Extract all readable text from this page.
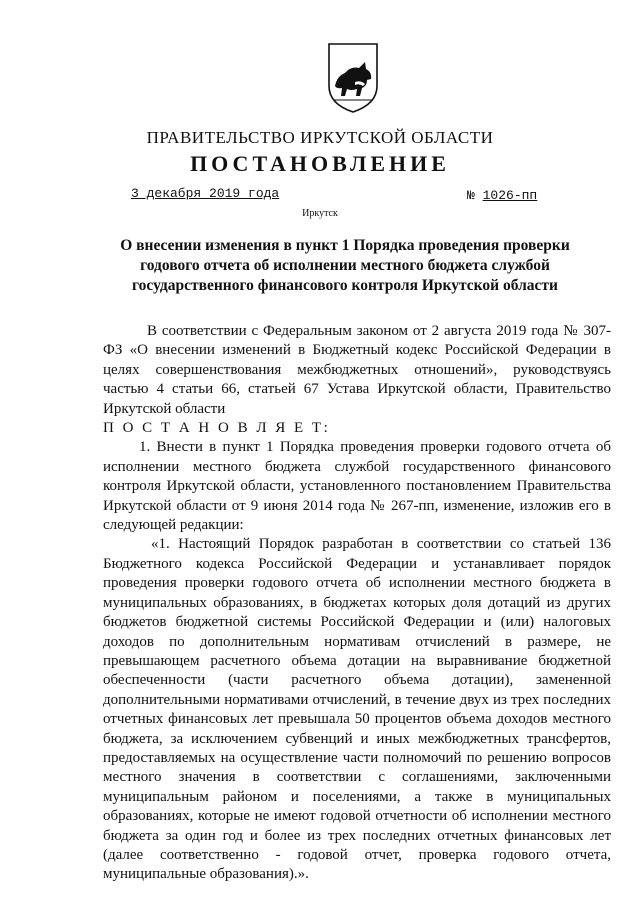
ПРАВИТЕЛЬСТВО ИРКУТСКОЙ ОБЛАСТИ
ПОСТАНОВЛЕНИЕ
3 декабря 2019 года	№ 1026-пп
Иркутск
О внесении изменения в пункт 1 Порядка проведения проверки годового отчета об исполнении местного бюджета службой государственного финансового контроля Иркутской области

В соответствии с Федеральным законом от 2 августа 2019 года № 307-ФЗ «О внесении изменений в Бюджетный кодекс Российской Федерации в целях совершенствования межбюджетных отношений», руководствуясь частью 4 статьи 66, статьей 67 Устава Иркутской области, Правительство Иркутской области

П О С Т А Н О В Л Я Е Т:

1. Внести в пункт 1 Порядка проведения проверки годового отчета об исполнении местного бюджета службой государственного финансового контроля Иркутской области, установленного постановлением Правительства Иркутской области от 9 июня 2014 года № 267-пп, изменение, изложив его в следующей редакции:

«1. Настоящий Порядок разработан в соответствии со статьей 136 Бюджетного кодекса Российской Федерации и устанавливает порядок проведения проверки годового отчета об исполнении местного бюджета в муниципальных образованиях, в бюджетах которых доля дотаций из других бюджетов бюджетной системы Российской Федерации и (или) налоговых доходов по дополнительным нормативам отчислений в размере, не превышающем расчетного объема дотации на выравнивание бюджетной обеспеченности (части расчетного объема дотации), замененной дополнительными нормативами отчислений, в течение двух из трех последних отчетных финансовых лет превышала 50 процентов объема доходов местного бюджета, за исключением субвенций и иных межбюджетных трансфертов, предоставляемых на осуществление части полномочий по решению вопросов местного значения в соответствии с соглашениями, заключенными муниципальным районом и поселениями, а также в муниципальных образованиях, которые не имеют годовой отчетности об исполнении местного бюджета за один год и более из трех последних отчетных финансовых лет (далее соответственно - годовой отчет, проверка годового отчета, муниципальные образования).».
